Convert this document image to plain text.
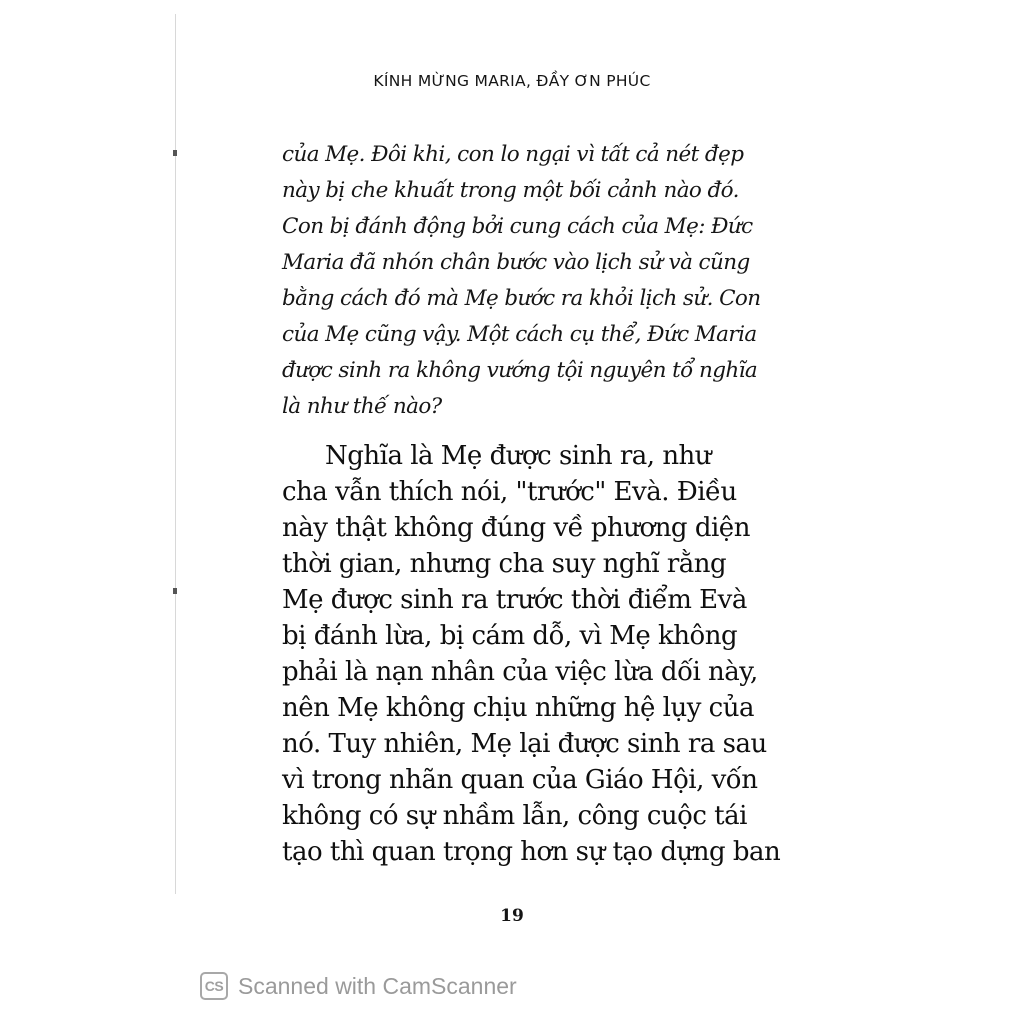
KÍNH MỪNG MARIA, ĐẦY ƠN PHÚC
của Mẹ. Đôi khi, con lo ngại vì tất cả nét đẹp
này bị che khuất trong một bối cảnh nào đó.
Con bị đánh động bởi cung cách của Mẹ: Đức
Maria đã nhón chân bước vào lịch sử và cũng
bằng cách đó mà Mẹ bước ra khỏi lịch sử. Con
của Mẹ cũng vậy. Một cách cụ thể, Đức Maria
được sinh ra không vướng tội nguyên tổ nghĩa
là như thế nào?
Nghĩa là Mẹ được sinh ra, như
cha vẫn thích nói, "trước" Evà. Điều
này thật không đúng về phương diện
thời gian, nhưng cha suy nghĩ rằng
Mẹ được sinh ra trước thời điểm Evà
bị đánh lừa, bị cám dỗ, vì Mẹ không
phải là nạn nhân của việc lừa dối này,
nên Mẹ không chịu những hệ lụy của
nó. Tuy nhiên, Mẹ lại được sinh ra sau
vì trong nhãn quan của Giáo Hội, vốn
không có sự nhầm lẫn, công cuộc tái
tạo thì quan trọng hơn sự tạo dựng ban
19
CS Scanned with CamScanner
